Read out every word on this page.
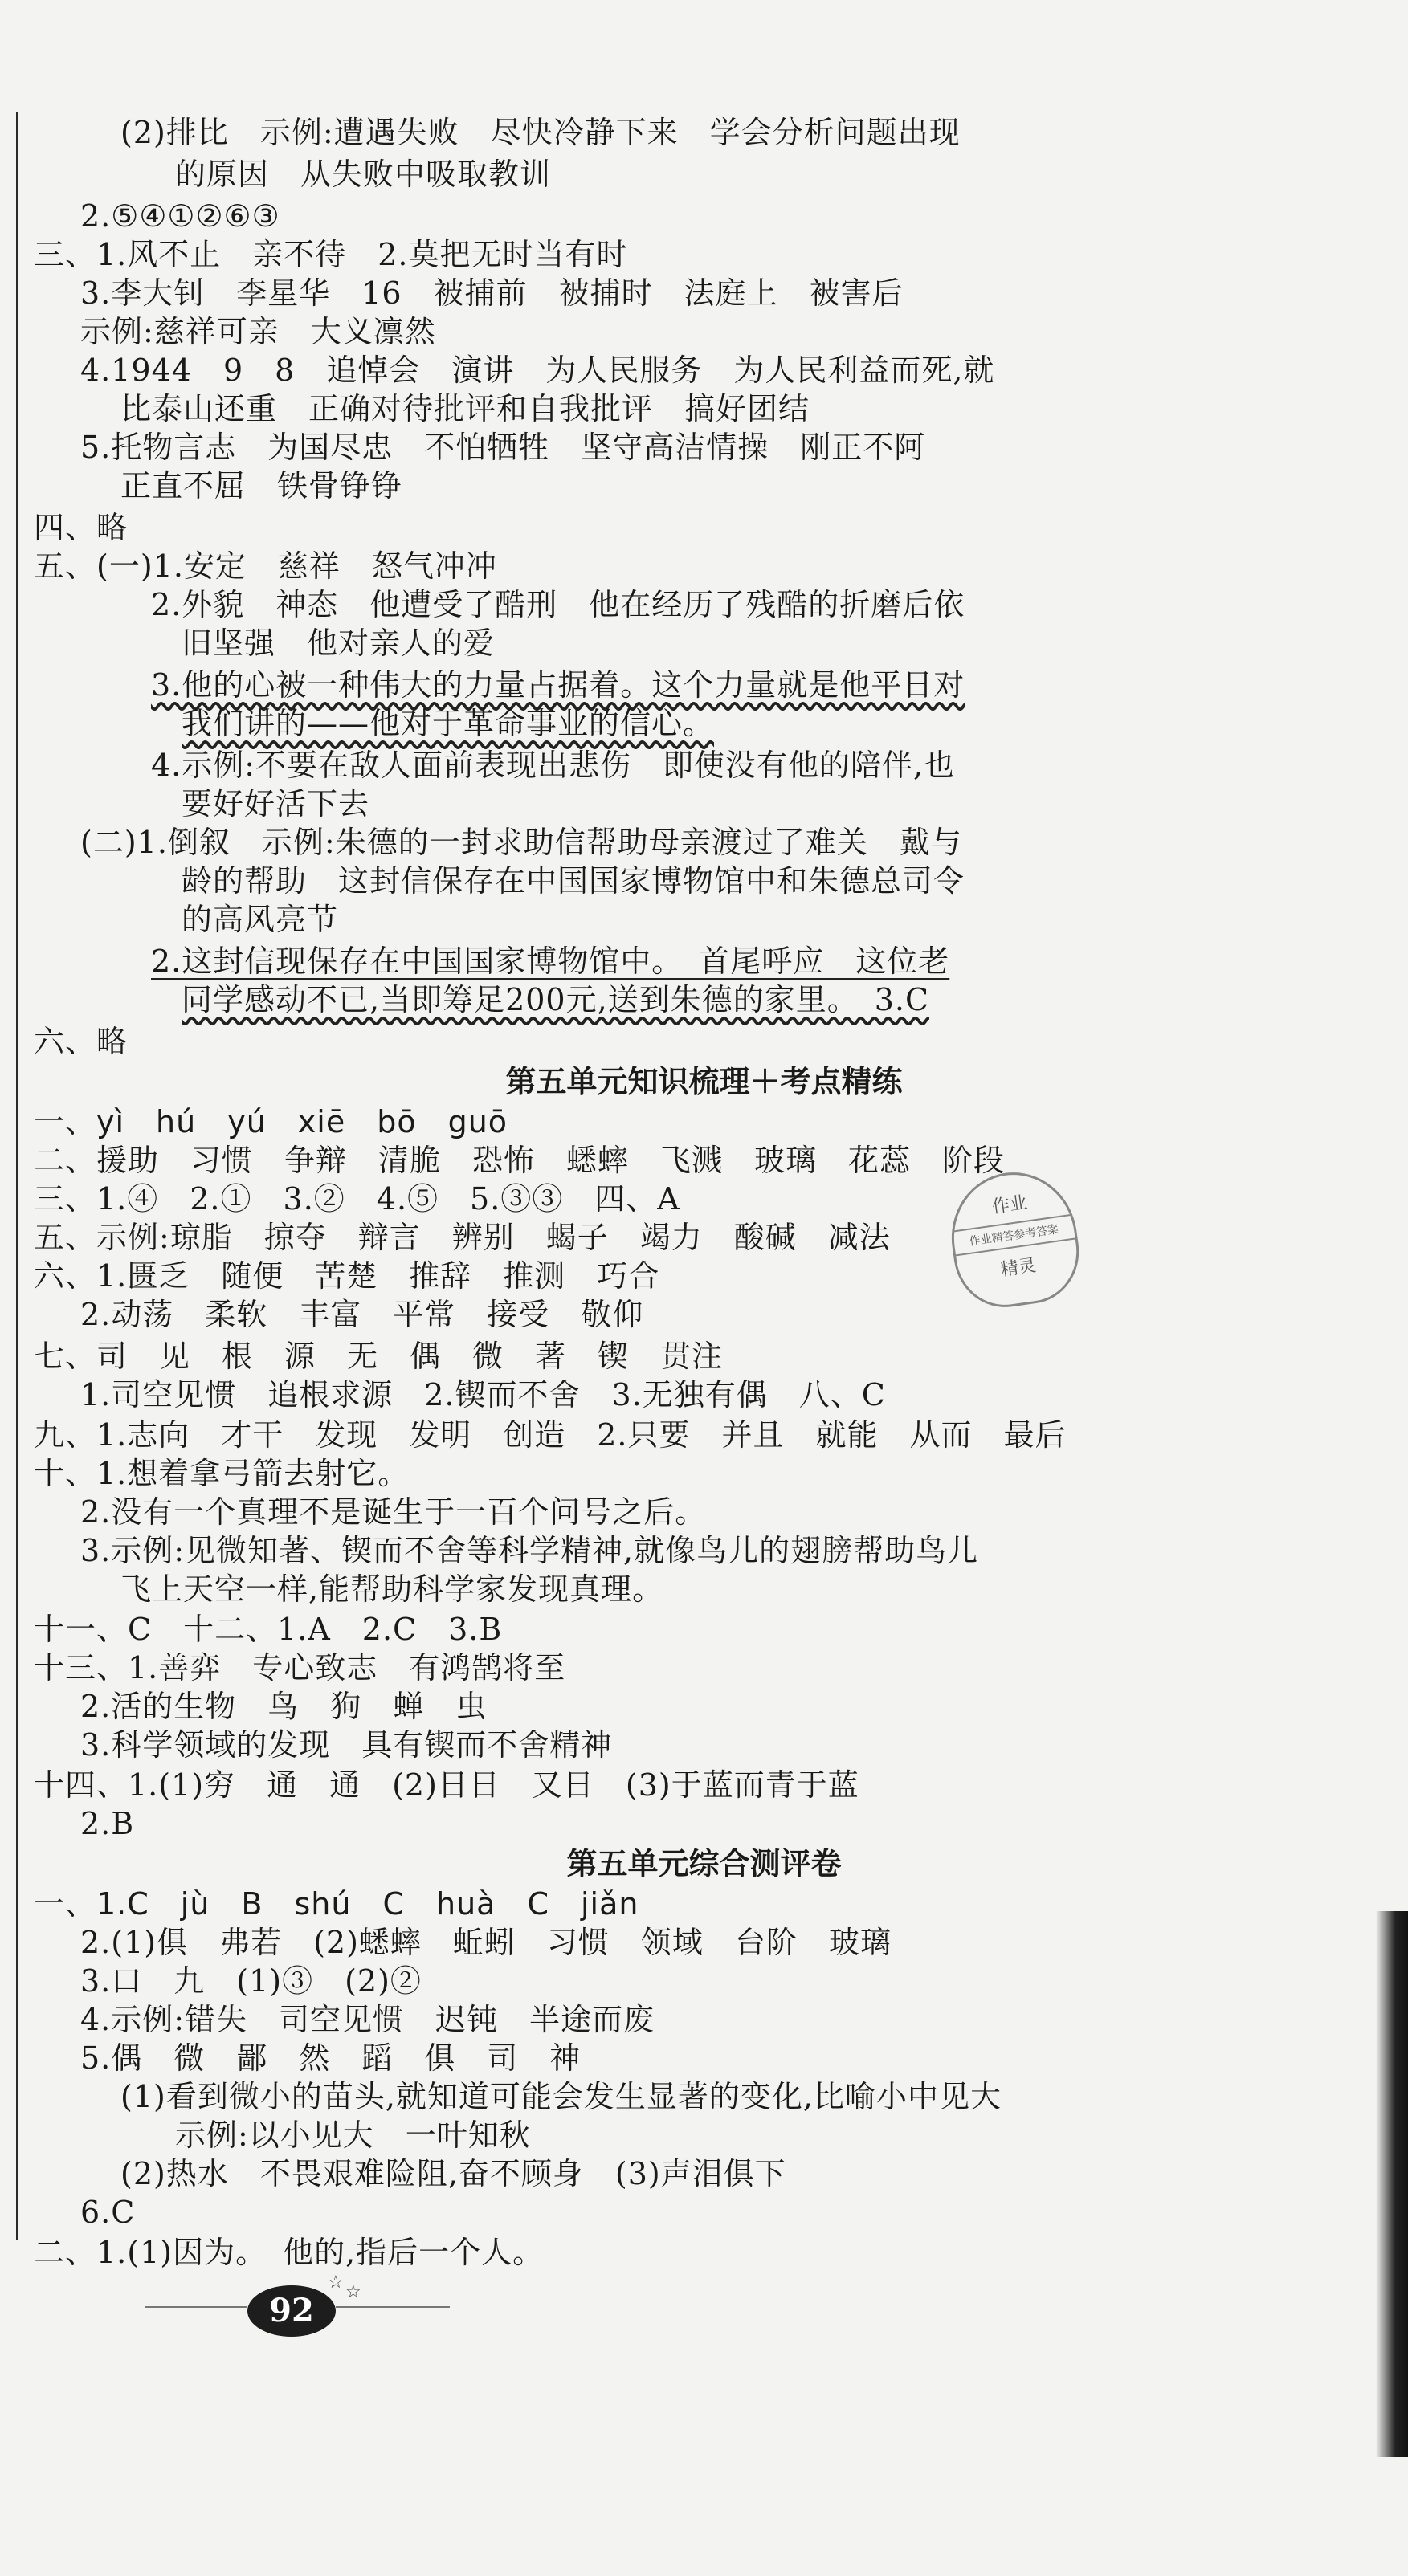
(2)排比　示例:遭遇失败　尽快冷静下来　学会分析问题出现
的原因　从失败中吸取教训
2.⑤④①②⑥③
三、1.风不止　亲不待　2.莫把无时当有时
3.李大钊　李星华　16　被捕前　被捕时　法庭上　被害后
示例:慈祥可亲　大义凛然
4.1944　9　8　追悼会　演讲　为人民服务　为人民利益而死,就
比泰山还重　正确对待批评和自我批评　搞好团结
5.托物言志　为国尽忠　不怕牺牲　坚守高洁情操　刚正不阿
正直不屈　铁骨铮铮
四、略
五、(一)1.安定　慈祥　怒气冲冲
2.外貌　神态　他遭受了酷刑　他在经历了残酷的折磨后依
旧坚强　他对亲人的爱
3.他的心被一种伟大的力量占据着。这个力量就是他平日对
我们讲的——他对于革命事业的信心。
4.示例:不要在敌人面前表现出悲伤　即使没有他的陪伴,也
要好好活下去
(二)1.倒叙　示例:朱德的一封求助信帮助母亲渡过了难关　戴与
龄的帮助　这封信保存在中国国家博物馆中和朱德总司令
的高风亮节
2.这封信现保存在中国国家博物馆中。　首尾呼应　这位老
同学感动不已,当即筹足200元,送到朱德的家里。　3.C
六、略
第五单元知识梳理＋考点精练
一、yì　hú　yú　xiē　bō　guō
二、援助　习惯　争辩　清脆　恐怖　蟋蟀　飞溅　玻璃　花蕊　阶段
三、1.④　2.①　3.②　4.⑤　5.③③　四、A
五、示例:琼脂　掠夺　辩言　辨别　蝎子　竭力　酸碱　减法
六、1.匮乏　随便　苦楚　推辞　推测　巧合
2.动荡　柔软　丰富　平常　接受　敬仰
七、司　见　根　源　无　偶　微　著　锲　贯注
1.司空见惯　追根求源　2.锲而不舍　3.无独有偶　八、C
九、1.志向　才干　发现　发明　创造　2.只要　并且　就能　从而　最后
十、1.想着拿弓箭去射它。
2.没有一个真理不是诞生于一百个问号之后。
3.示例:见微知著、锲而不舍等科学精神,就像鸟儿的翅膀帮助鸟儿
飞上天空一样,能帮助科学家发现真理。
十一、C　十二、1.A　2.C　3.B
十三、1.善弈　专心致志　有鸿鹄将至
2.活的生物　鸟　狗　蝉　虫
3.科学领域的发现　具有锲而不舍精神
十四、1.(1)穷　通　通　(2)日日　又日　(3)于蓝而青于蓝
2.B
第五单元综合测评卷
一、1.C　jù　B　shú　C　huà　C　jiǎn
2.(1)俱　弗若　(2)蟋蟀　蚯蚓　习惯　领域　台阶　玻璃
3.口　九　(1)③　(2)②
4.示例:错失　司空见惯　迟钝　半途而废
5.偶　微　鄙　然　蹈　俱　司　神
(1)看到微小的苗头,就知道可能会发生显著的变化,比喻小中见大
示例:以小见大　一叶知秋
(2)热水　不畏艰难险阻,奋不顾身　(3)声泪俱下
6.C
二、1.(1)因为。　他的,指后一个人。
作业
作业精答参考答案
精灵
92
☆ ☆
